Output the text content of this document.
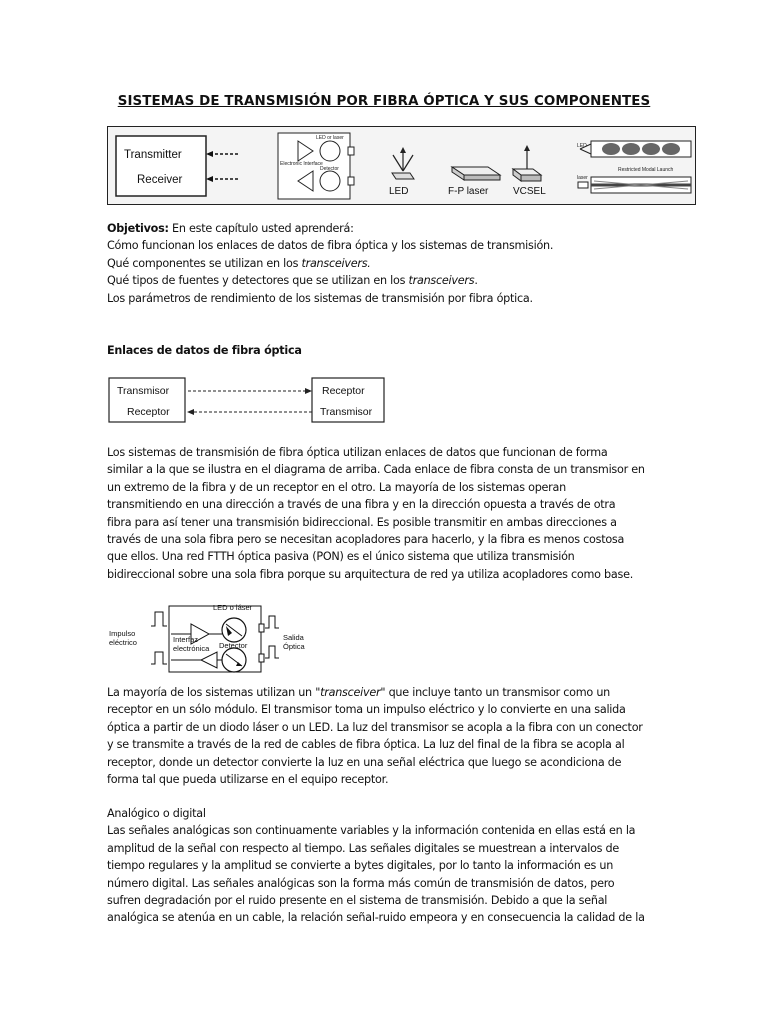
SISTEMAS DE TRANSMISIÓN POR FIBRA ÓPTICA Y SUS COMPONENTES
Transmitter
Receiver
LED or laser
Electronic Interface
Detector
LED	F-P laser VCSEL
LED
Restricted Modal Launch
laser

Objetivos: En este capítulo usted aprenderá:

Cómo funcionan los enlaces de datos de fibra óptica y los sistemas de transmisión.

Qué componentes se utilizan en los transceivers.

Qué tipos de fuentes y detectores que se utilizan en los transceivers.

Los parámetros de rendimiento de los sistemas de transmisión por fibra óptica.

Enlaces de datos de fibra óptica
Transmisor
Receptor
Receptor
Transmisor

Los sistemas de transmisión de fibra óptica utilizan enlaces de datos que funcionan de forma

similar a la que se ilustra en el diagrama de arriba. Cada enlace de fibra consta de un transmisor en

un extremo de la fibra y de un receptor en el otro. La mayoría de los sistemas operan

transmitiendo en una dirección a través de una fibra y en la dirección opuesta a través de otra

fibra para así tener una transmisión bidireccional. Es posible transmitir en ambas direcciones a

través de una sola fibra pero se necesitan acopladores para hacerlo, y la fibra es menos costosa

que ellos. Una red FTTH óptica pasiva (PON) es el único sistema que utiliza transmisión

bidireccional sobre una sola fibra porque su arquitectura de red ya utiliza acopladores como base.

Impulso
eléctrico
LED o láser
Interfaz
electrónica Detector
Salida
Óptica

La mayoría de los sistemas utilizan un "transceiver" que incluye tanto un transmisor como un

receptor en un sólo módulo. El transmisor toma un impulso eléctrico y lo convierte en una salida

óptica a partir de un diodo láser o un LED. La luz del transmisor se acopla a la fibra con un conector

y se transmite a través de la red de cables de fibra óptica. La luz del final de la fibra se acopla al

receptor, donde un detector convierte la luz en una señal eléctrica que luego se acondiciona de

forma tal que pueda utilizarse en el equipo receptor.

Analógico o digital

Las señales analógicas son continuamente variables y la información contenida en ellas está en la

amplitud de la señal con respecto al tiempo. Las señales digitales se muestrean a intervalos de

tiempo regulares y la amplitud se convierte a bytes digitales, por lo tanto la información es un

número digital. Las señales analógicas son la forma más común de transmisión de datos, pero

sufren degradación por el ruido presente en el sistema de transmisión. Debido a que la señal

analógica se atenúa en un cable, la relación señal-ruido empeora y en consecuencia la calidad de la
